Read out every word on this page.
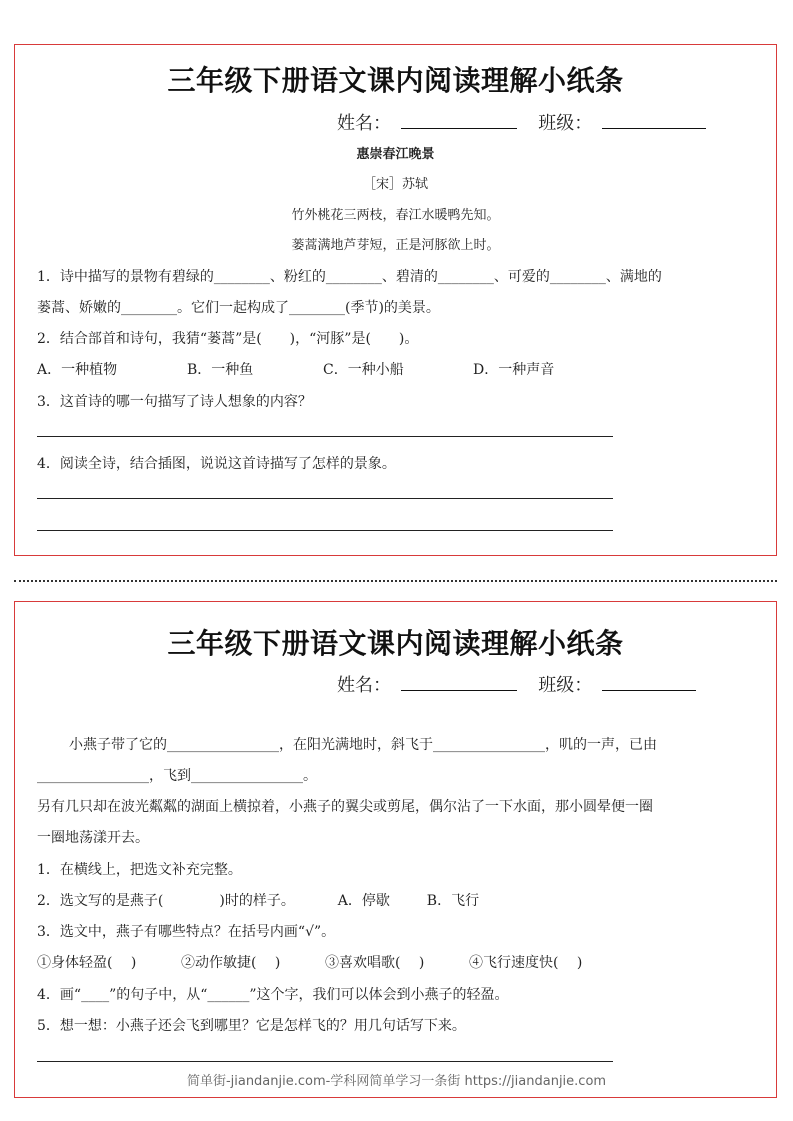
三年级下册语文课内阅读理解小纸条
姓名：	班级：
惠崇春江晚景
［宋］苏轼
竹外桃花三两枝，春江水暖鸭先知。
蒌蒿满地芦芽短，正是河豚欲上时。
1．诗中描写的景物有碧绿的________、粉红的________、碧清的________、可爱的________、满地的
蒌蒿、娇嫩的________。它们一起构成了________(季节)的美景。
2．结合部首和诗句，我猜“蒌蒿”是(　　)，“河豚”是(　　)。
A．一种植物	B．一种鱼	C．一种小船	D．一种声音
3．这首诗的哪一句描写了诗人想象的内容？
4．阅读全诗，结合插图，说说这首诗描写了怎样的景象。
三年级下册语文课内阅读理解小纸条
姓名：	班级：
小燕子带了它的________________，在阳光满地时，斜飞于________________，叽的一声，已由
________________，飞到________________。
另有几只却在波光粼粼的湖面上横掠着，小燕子的翼尖或剪尾，偶尔沾了一下水面，那小圆晕便一圈
一圈地荡漾开去。
1．在横线上，把选文补充完整。
2．选文写的是燕子(　　　　)时的样子。	A．停歇	B．飞行
3．选文中，燕子有哪些特点？在括号内画“√”。
①身体轻盈(　 )	②动作敏捷(　 )	③喜欢唱歌(　 )	④飞行速度快(　 )
4．画“____”的句子中，从“______”这个字，我们可以体会到小燕子的轻盈。
5．想一想：小燕子还会飞到哪里？它是怎样飞的？用几句话写下来。
简单街-jiandanjie.com-学科网简单学习一条街 https://jiandanjie.com
